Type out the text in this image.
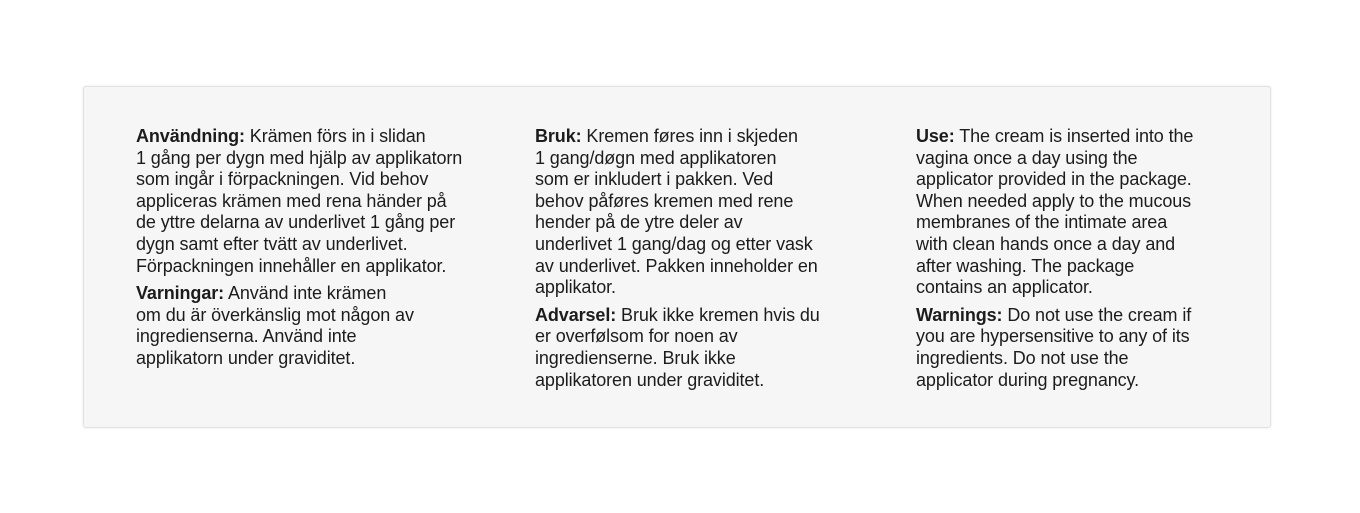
Användning: Krämen förs in i slidan
1 gång per dygn med hjälp av applikatorn
som ingår i förpackningen. Vid behov
appliceras krämen med rena händer på
de yttre delarna av underlivet 1 gång per
dygn samt efter tvätt av underlivet.
Förpackningen innehåller en applikator.

Varningar: Använd inte krämen
om du är överkänslig mot någon av
ingredienserna. Använd inte
applikatorn under graviditet.

Bruk: Kremen føres inn i skjeden
1 gang/døgn med applikatoren
som er inkludert i pakken. Ved
behov påføres kremen med rene
hender på de ytre deler av
underlivet 1 gang/dag og etter vask
av underlivet. Pakken inneholder en
applikator.

Advarsel: Bruk ikke kremen hvis du
er overfølsom for noen av
ingredienserne. Bruk ikke
applikatoren under graviditet.

Use: The cream is inserted into the
vagina once a day using the
applicator provided in the package.
When needed apply to the mucous
membranes of the intimate area
with clean hands once a day and
after washing. The package
contains an applicator.

Warnings: Do not use the cream if
you are hypersensitive to any of its
ingredients. Do not use the
applicator during pregnancy.
